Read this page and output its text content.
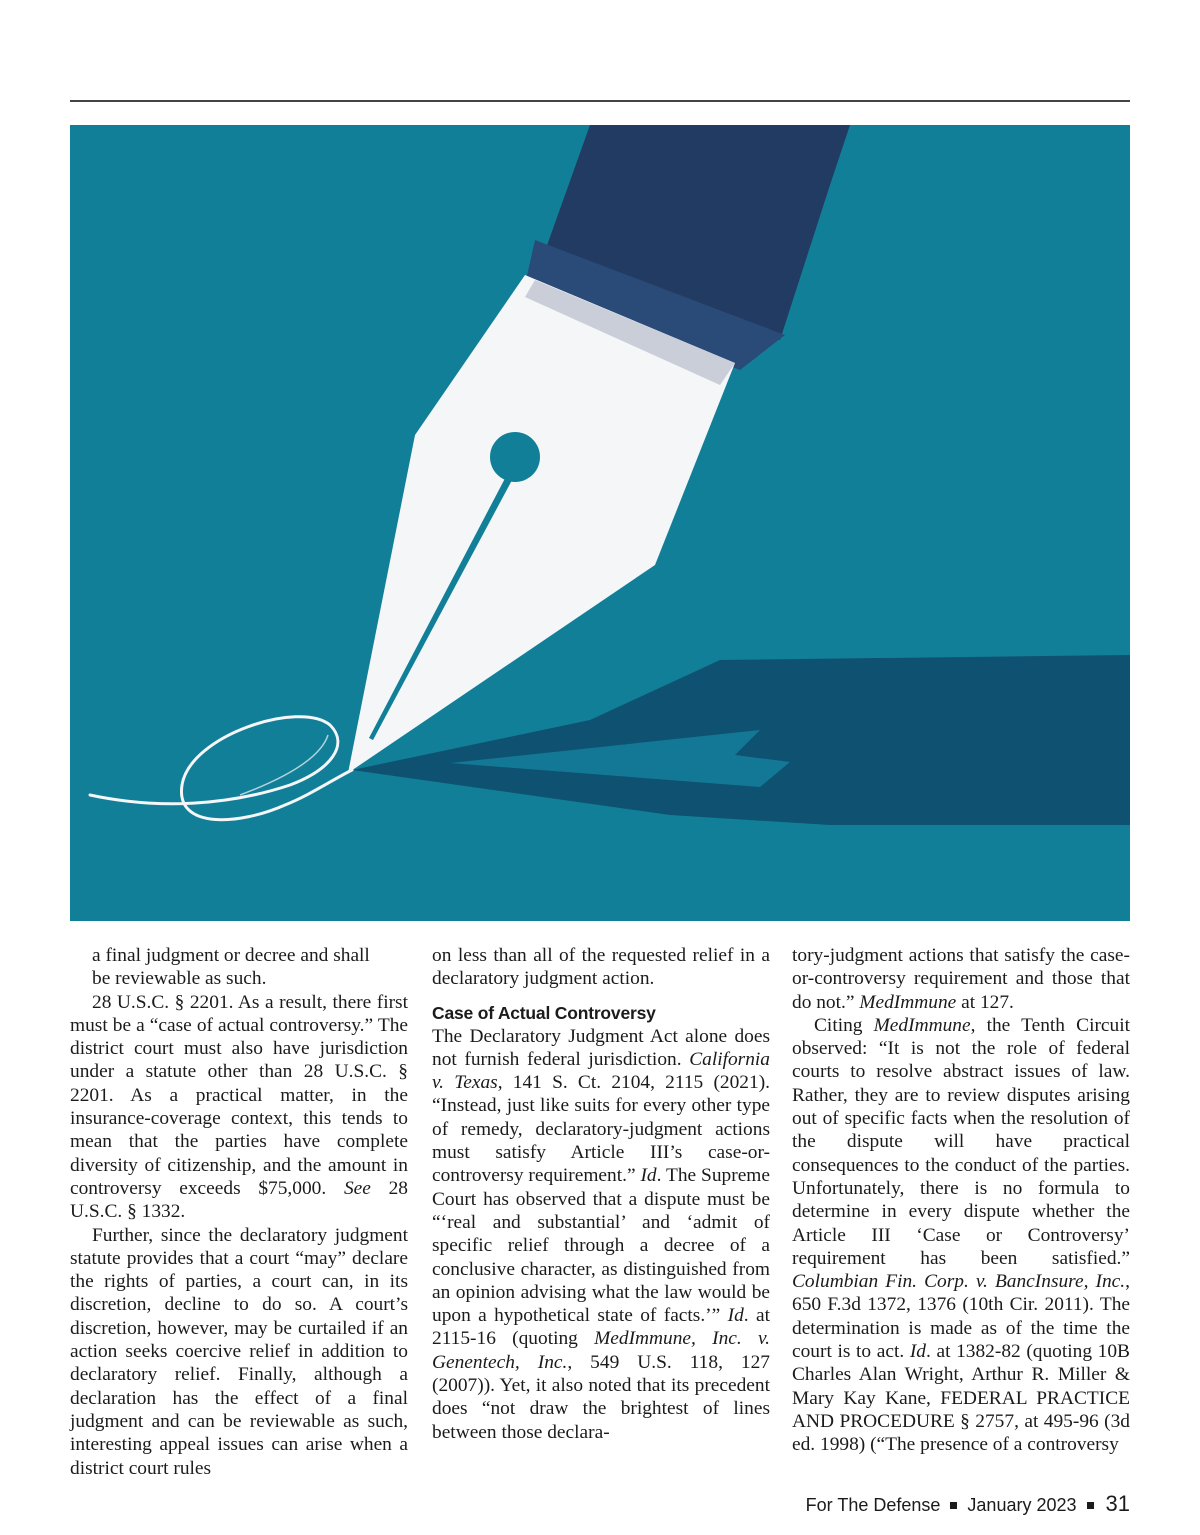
a final judgment or decree and shall
be reviewable as such.

28 U.S.C. § 2201. As a result, there first must be a “case of actual controversy.” The district court must also have jurisdiction under a statute other than 28 U.S.C. § 2201. As a practical matter, in the insurance-coverage context, this tends to mean that the parties have complete diversity of citizenship, and the amount in controversy exceeds $75,000. See 28 U.S.C. § 1332.

Further, since the declaratory judgment statute provides that a court “may” declare the rights of parties, a court can, in its discretion, decline to do so. A court’s discretion, however, may be curtailed if an action seeks coercive relief in addition to declaratory relief. Finally, although a declaration has the effect of a final judgment and can be reviewable as such, interesting appeal issues can arise when a district court rules

on less than all of the requested relief in a declaratory judgment action.

Case of Actual Controversy

The Declaratory Judgment Act alone does not furnish federal jurisdiction. California v. Texas, 141 S. Ct. 2104, 2115 (2021). “Instead, just like suits for every other type of remedy, declaratory-judgment actions must satisfy Article III’s case-or-controversy requirement.” Id. The Supreme Court has observed that a dispute must be “‘real and substantial’ and ‘admit of specific relief through a decree of a conclusive character, as distinguished from an opinion advising what the law would be upon a hypothetical state of facts.’” Id. at 2115-16 (quoting MedImmune, Inc. v. Genentech, Inc., 549 U.S. 118, 127 (2007)). Yet, it also noted that its precedent does “not draw the brightest of lines between those declara-

tory-judgment actions that satisfy the case-or-controversy requirement and those that do not.” MedImmune at 127.

Citing MedImmune, the Tenth Circuit observed: “It is not the role of federal courts to resolve abstract issues of law. Rather, they are to review disputes arising out of specific facts when the resolution of the dispute will have practical consequences to the conduct of the parties. Unfortunately, there is no formula to determine in every dispute whether the Article III ‘Case or Controversy’ requirement has been satisfied.” Columbian Fin. Corp. v. BancInsure, Inc., 650 F.3d 1372, 1376 (10th Cir. 2011). The determination is made as of the time the court is to act. Id. at 1382-82 (quoting 10B Charles Alan Wright, Arthur R. Miller & Mary Kay Kane, FEDERAL PRACTICE AND PROCEDURE § 2757, at 495-96 (3d ed. 1998) (“The presence of a controversy

For The Defense January 2023 31
